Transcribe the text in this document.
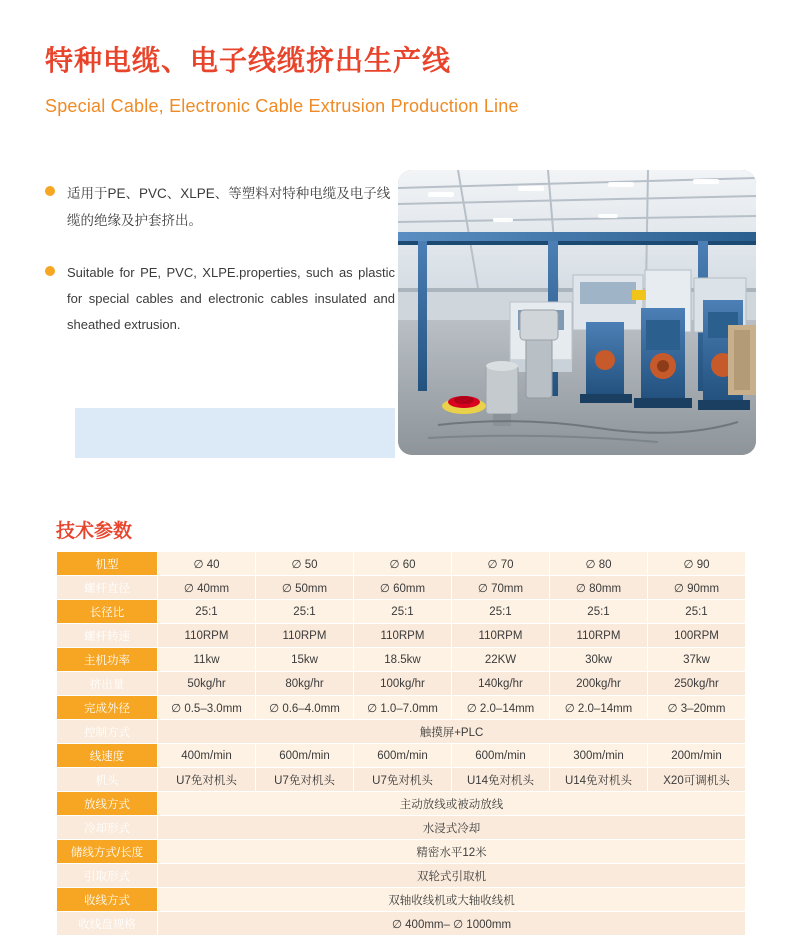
特种电缆、电子线缆挤出生产线
Special Cable, Electronic Cable Extrusion Production Line
适用于PE、PVC、XLPE、等塑料对特种电缆及电子线缆的绝缘及护套挤出。
Suitable for PE, PVC, XLPE.properties, such as plastic for special cables and electronic cables insulated and sheathed extrusion.
技术参数
机型	∅ 40	∅ 50	∅ 60	∅ 70	∅ 80	∅ 90
螺杆直径	∅ 40mm	∅ 50mm	∅ 60mm	∅ 70mm	∅ 80mm	∅ 90mm
长径比	25:1	25:1	25:1	25:1	25:1	25:1
螺杆转速	110RPM	110RPM	110RPM	110RPM	110RPM	100RPM
主机功率	11kw	15kw	18.5kw	22KW	30kw	37kw
挤出量	50kg/hr	80kg/hr	100kg/hr	140kg/hr	200kg/hr	250kg/hr
完成外径	∅ 0.5–3.0mm	∅ 0.6–4.0mm	∅ 1.0–7.0mm	∅ 2.0–14mm	∅ 2.0–14mm	∅ 3–20mm
控制方式	触摸屏+PLC					
线速度	400m/min	600m/min	600m/min	600m/min	300m/min	200m/min
机头	U7免对机头	U7免对机头	U7免对机头	U14免对机头	U14免对机头	X20可调机头
放线方式	主动放线或被动放线					
冷却形式	水浸式冷却					
储线方式/长度	精密水平12米					
引取形式	双轮式引取机					
收线方式	双轴收线机或大轴收线机					
收线盘规格	∅ 400mm– ∅ 1000mm					
